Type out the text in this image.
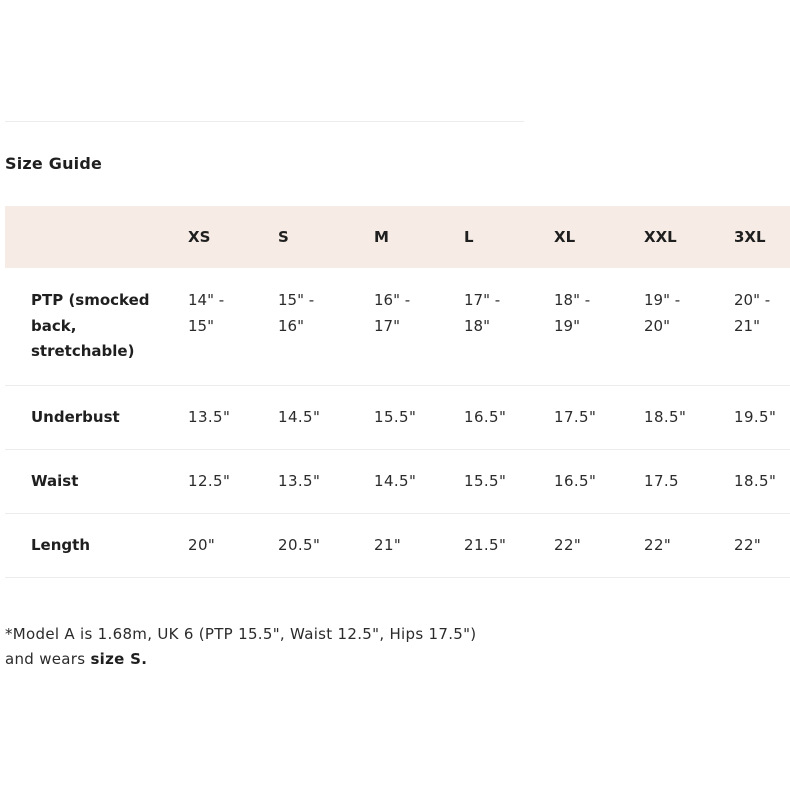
Size Guide
	XS	S	M	L	XL	XXL	3XL
PTP (smocked back, stretchable)	14" - 15"	15" - 16"	16" - 17"	17" - 18"	18" - 19"	19" - 20"	20" - 21"
Underbust	13.5"	14.5"	15.5"	16.5"	17.5"	18.5"	19.5"
Waist	12.5"	13.5"	14.5"	15.5"	16.5"	17.5	18.5"
Length	20"	20.5"	21"	21.5"	22"	22"	22"
*Model A is 1.68m, UK 6 (PTP 15.5", Waist 12.5", Hips 17.5")
and wears size S.
